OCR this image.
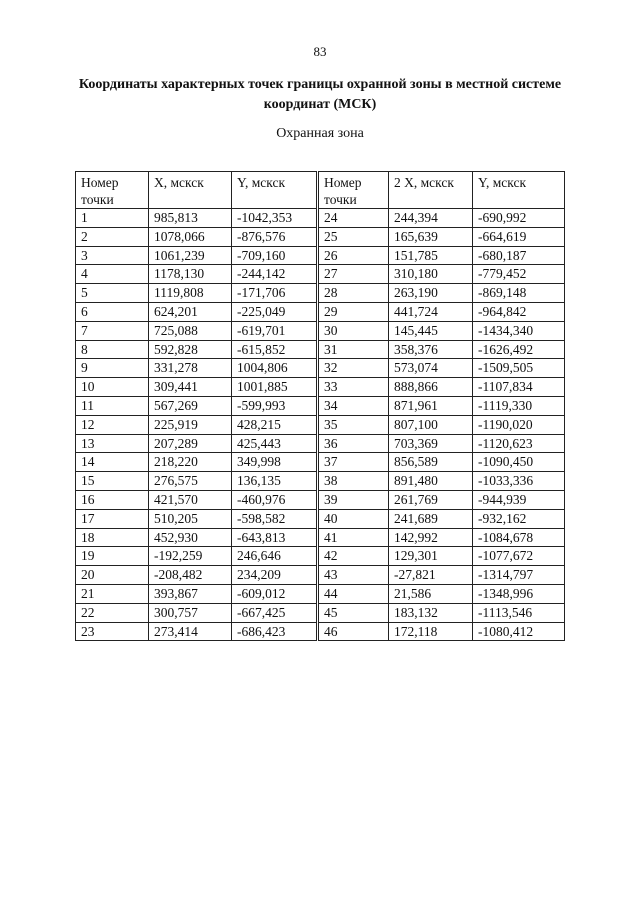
83
Координаты характерных точек границы охранной зоны в местной системе координат (МСК)
Охранная зона
Номер точки	X, мскск	Y, мскск
1	985,813	-1042,353
2	1078,066	-876,576
3	1061,239	-709,160
4	1178,130	-244,142
5	1119,808	-171,706
6	624,201	-225,049
7	725,088	-619,701
8	592,828	-615,852
9	331,278	1004,806
10	309,441	1001,885
11	567,269	-599,993
12	225,919	428,215
13	207,289	425,443
14	218,220	349,998
15	276,575	136,135
16	421,570	-460,976
17	510,205	-598,582
18	452,930	-643,813
19	-192,259	246,646
20	-208,482	234,209
21	393,867	-609,012
22	300,757	-667,425
23	273,414	-686,423
Номер точки	2 X, мскск	Y, мскск
24	244,394	-690,992
25	165,639	-664,619
26	151,785	-680,187
27	310,180	-779,452
28	263,190	-869,148
29	441,724	-964,842
30	145,445	-1434,340
31	358,376	-1626,492
32	573,074	-1509,505
33	888,866	-1107,834
34	871,961	-1119,330
35	807,100	-1190,020
36	703,369	-1120,623
37	856,589	-1090,450
38	891,480	-1033,336
39	261,769	-944,939
40	241,689	-932,162
41	142,992	-1084,678
42	129,301	-1077,672
43	-27,821	-1314,797
44	21,586	-1348,996
45	183,132	-1113,546
46	172,118	-1080,412
